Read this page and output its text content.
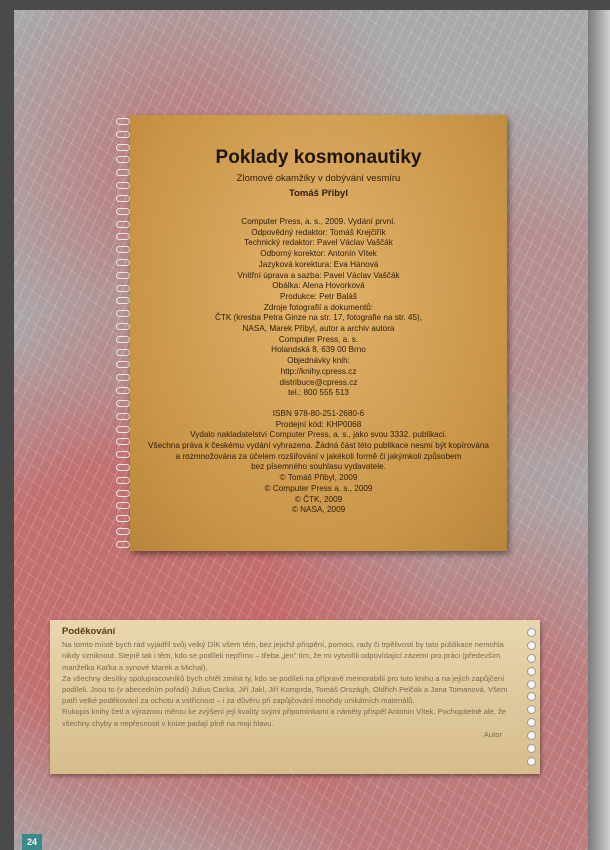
Poklady kosmonautiky
Zlomové okamžiky v dobývání vesmíru
Tomáš Přibyl
Computer Press, a. s., 2009. Vydání první.
Odpovědný redaktor: Tomáš Krejčiřík
Technický redaktor: Pavel Václav Vaščák
Odborný korektor: Antonín Vítek
Jazyková korektura: Eva Hánová
Vnitřní úprava a sazba: Pavel Václav Vaščák
Obálka: Alena Hovorková
Produkce: Petr Baláš
Zdroje fotografií a dokumentů:
ČTK (kresba Petra Ginze na str. 17, fotografie na str. 45),
NASA, Marek Přibyl, autor a archiv autora
Computer Press, a. s.
Holandská 8, 639 00 Brno
Objednávky knih:
http://knihy.cpress.cz
distribuce@cpress.cz
tel.: 800 555 513
ISBN 978-80-251-2680-6
Prodejní kód: KHP0068
Vydalo nakladatelství Computer Press, a. s., jako svou 3332. publikaci.
Všechna práva k českému vydání vyhrazena. Žádná část této publikace nesmí být kopírována
a rozmnožována za účelem rozšiřování v jakékoli formě či jakýmkoli způsobem
bez písemného souhlasu vydavatele.
© Tomáš Přibyl, 2009
© Computer Press a. s., 2009
© ČTK, 2009
© NASA, 2009
Poděkování

Na tomto místě bych rád vyjádřil svůj velký DÍK všem těm, bez jejichž přispění, pomoci, rady či trpělivosti by tato publikace nemohla nikdy vzniknout. Stejně tak i těm, kdo se podíleli nepřímo – třeba „jen" tím, že mi vytvořili odpovídající zázemí pro práci (především manželka Kaťka a synové Marek a Michal).

Za všechny desítky spolupracovníků bych chtěl zmínit ty, kdo se podíleli na přípravě memorabilií pro tuto knihu a na jejich zapůjčení podíleli. Jsou to (v abecedním pořadí) Julius Cacka, Jiří Jakl, Jiří Komprda, Tomáš Országh, Oldřich Pelčák a Jana Tomanová. Všem patří velké poděkování za ochotu a vstřícnost – i za důvěru při zapůjčování mnohdy unikátních materiálů.

Rukopis knihy četl a výraznou měrou ke zvýšení její kvality svými připomínkami a náměty přispěl Antonín Vítek. Pochopitelně ale, že všechny chyby a nepřesnosti v knize padají plně na moji hlavu.

Autor
24
